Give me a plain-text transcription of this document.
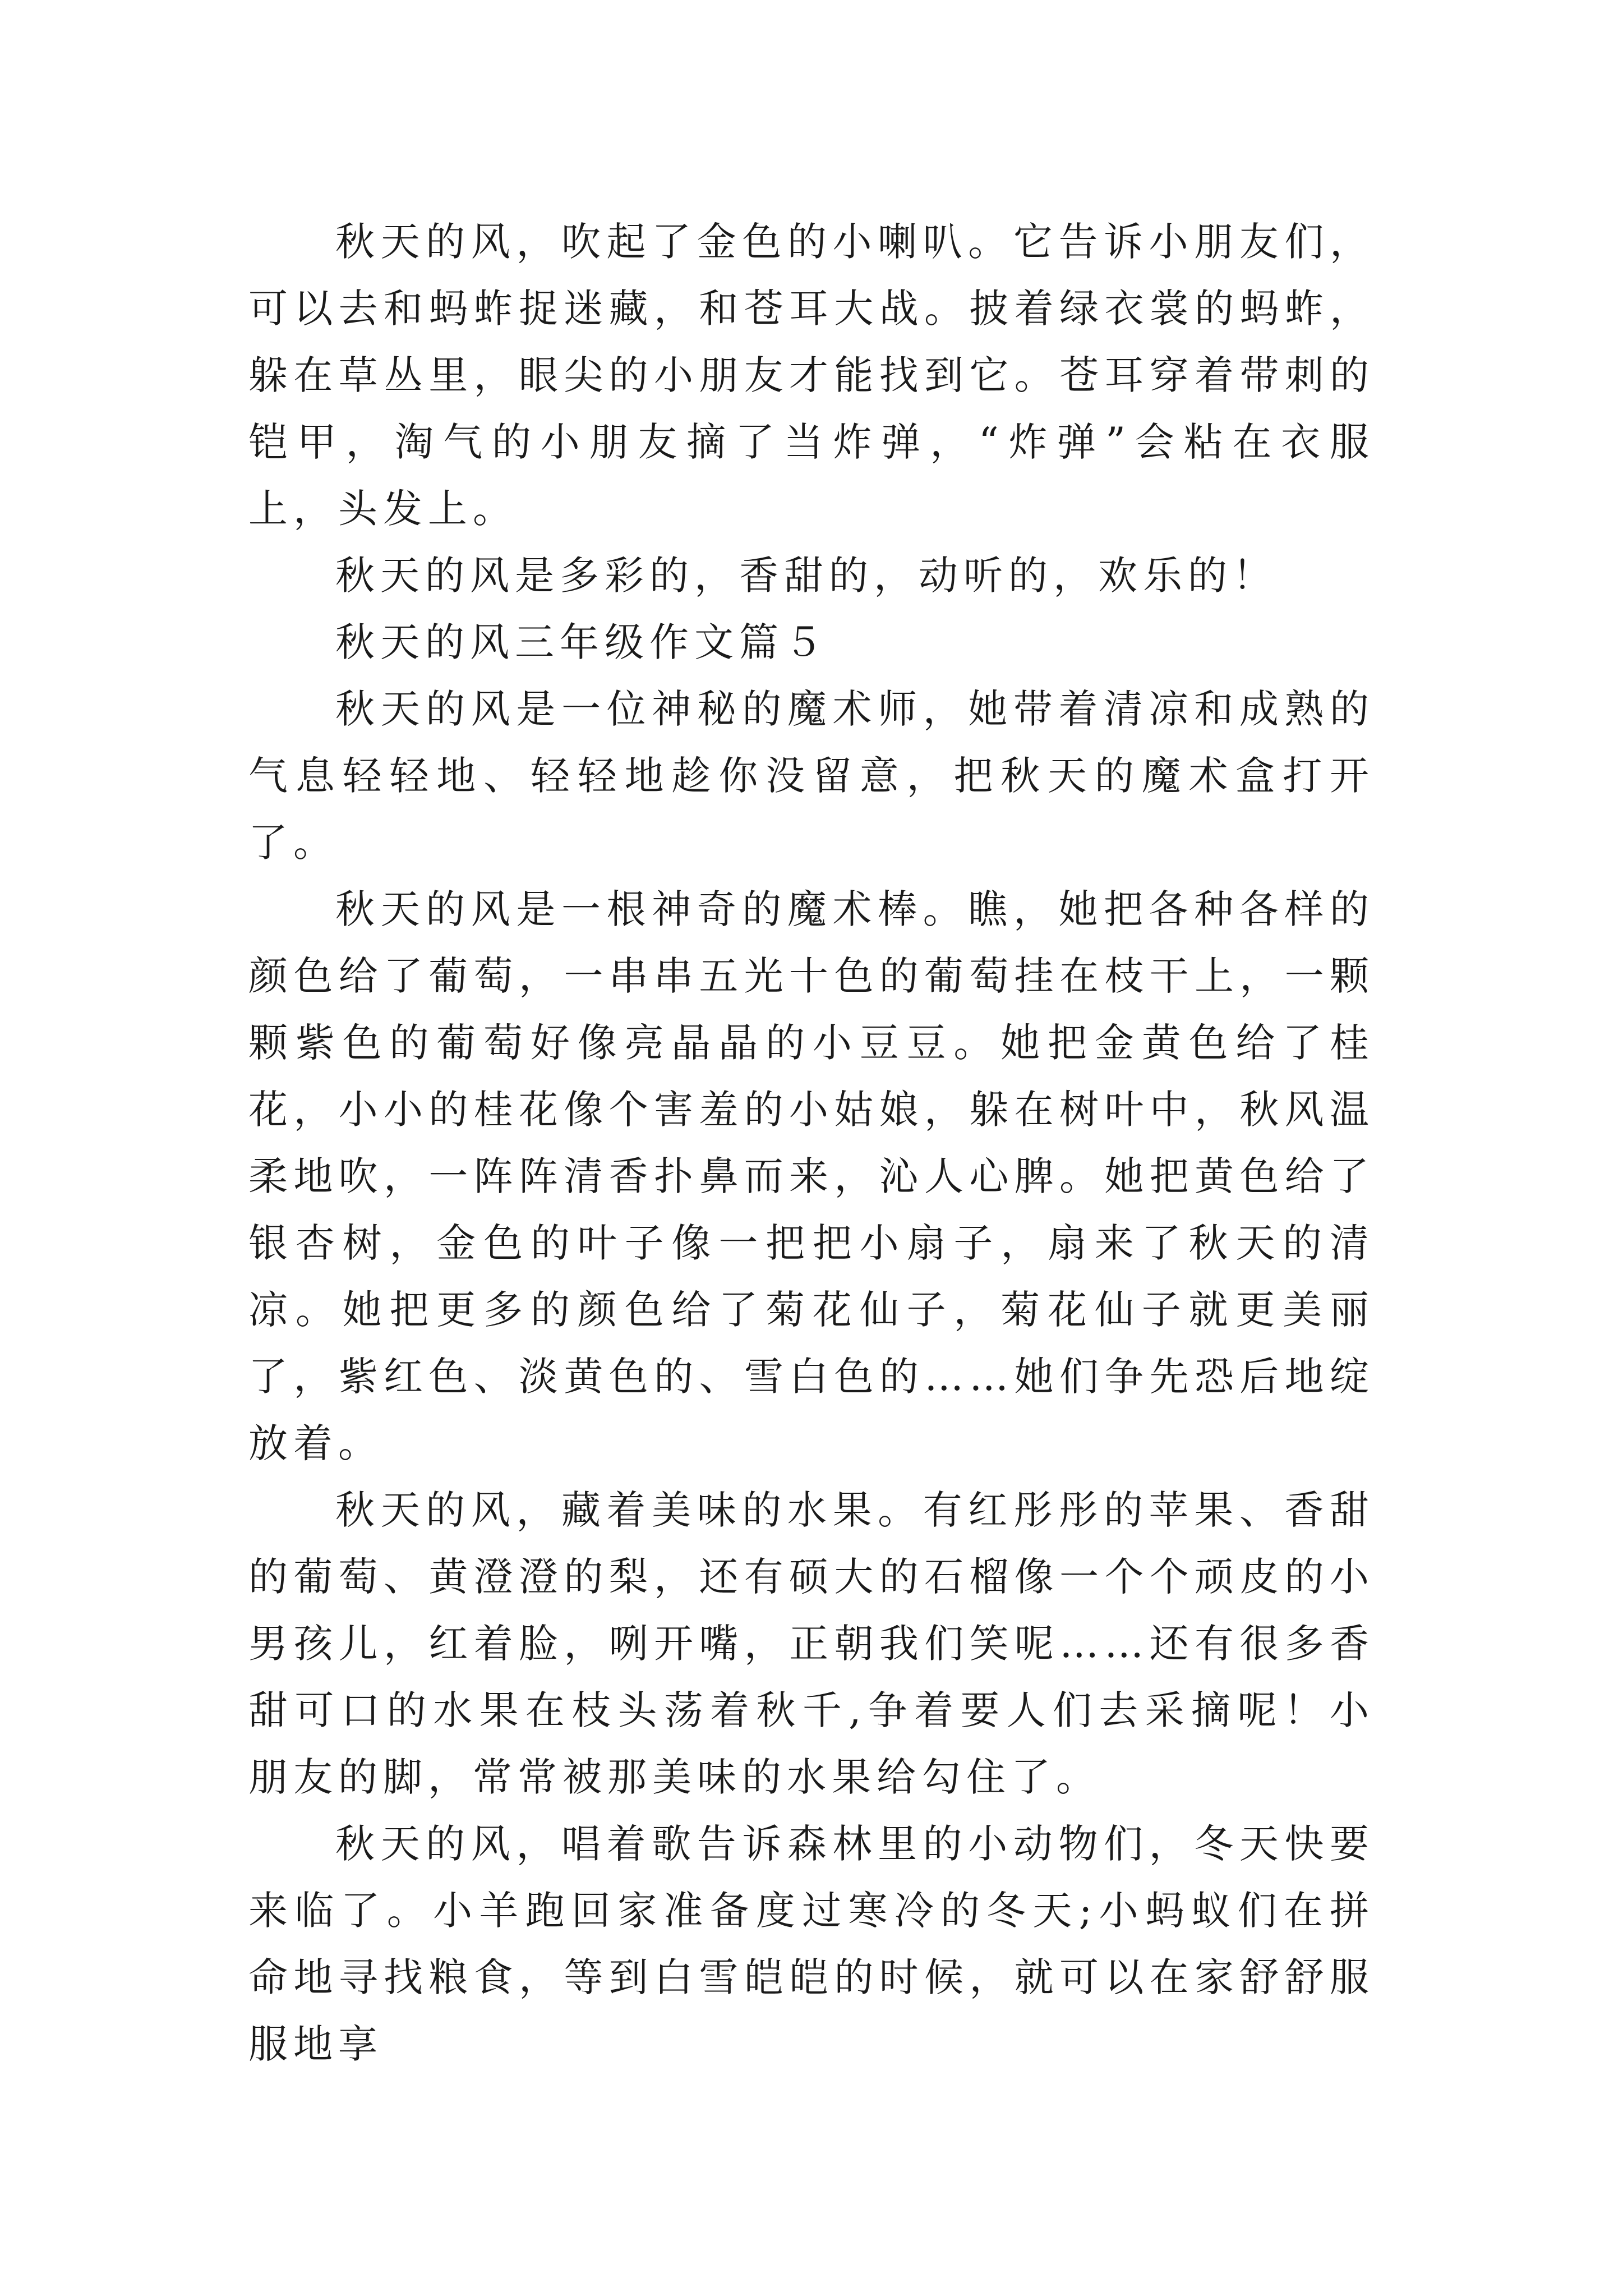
秋天的风，吹起了金色的小喇叭。它告诉小朋友们，可以去和蚂蚱捉迷藏，和苍耳大战。披着绿衣裳的蚂蚱，躲在草丛里，眼尖的小朋友才能找到它。苍耳穿着带刺的铠甲，淘气的小朋友摘了当炸弹，“炸弹”会粘在衣服上，头发上。

秋天的风是多彩的，香甜的，动听的，欢乐的！

秋天的风三年级作文篇５

秋天的风是一位神秘的魔术师，她带着清凉和成熟的气息轻轻地、轻轻地趁你没留意，把秋天的魔术盒打开了。

秋天的风是一根神奇的魔术棒。瞧，她把各种各样的颜色给了葡萄，一串串五光十色的葡萄挂在枝干上，一颗颗紫色的葡萄好像亮晶晶的小豆豆。她把金黄色给了桂花，小小的桂花像个害羞的小姑娘，躲在树叶中，秋风温柔地吹，一阵阵清香扑鼻而来，沁人心脾。她把黄色给了银杏树，金色的叶子像一把把小扇子，扇来了秋天的清凉。她把更多的颜色给了菊花仙子，菊花仙子就更美丽了，紫红色、淡黄色的、雪白色的……她们争先恐后地绽放着。

秋天的风，藏着美味的水果。有红彤彤的苹果、香甜的葡萄、黄澄澄的梨，还有硕大的石榴像一个个顽皮的小男孩儿，红着脸，咧开嘴，正朝我们笑呢……还有很多香甜可口的水果在枝头荡着秋千,争着要人们去采摘呢！小朋友的脚，常常被那美味的水果给勾住了。

秋天的风，唱着歌告诉森林里的小动物们，冬天快要来临了。小羊跑回家准备度过寒冷的冬天;小蚂蚁们在拼命地寻找粮食，等到白雪皑皑的时候，就可以在家舒舒服服地享
